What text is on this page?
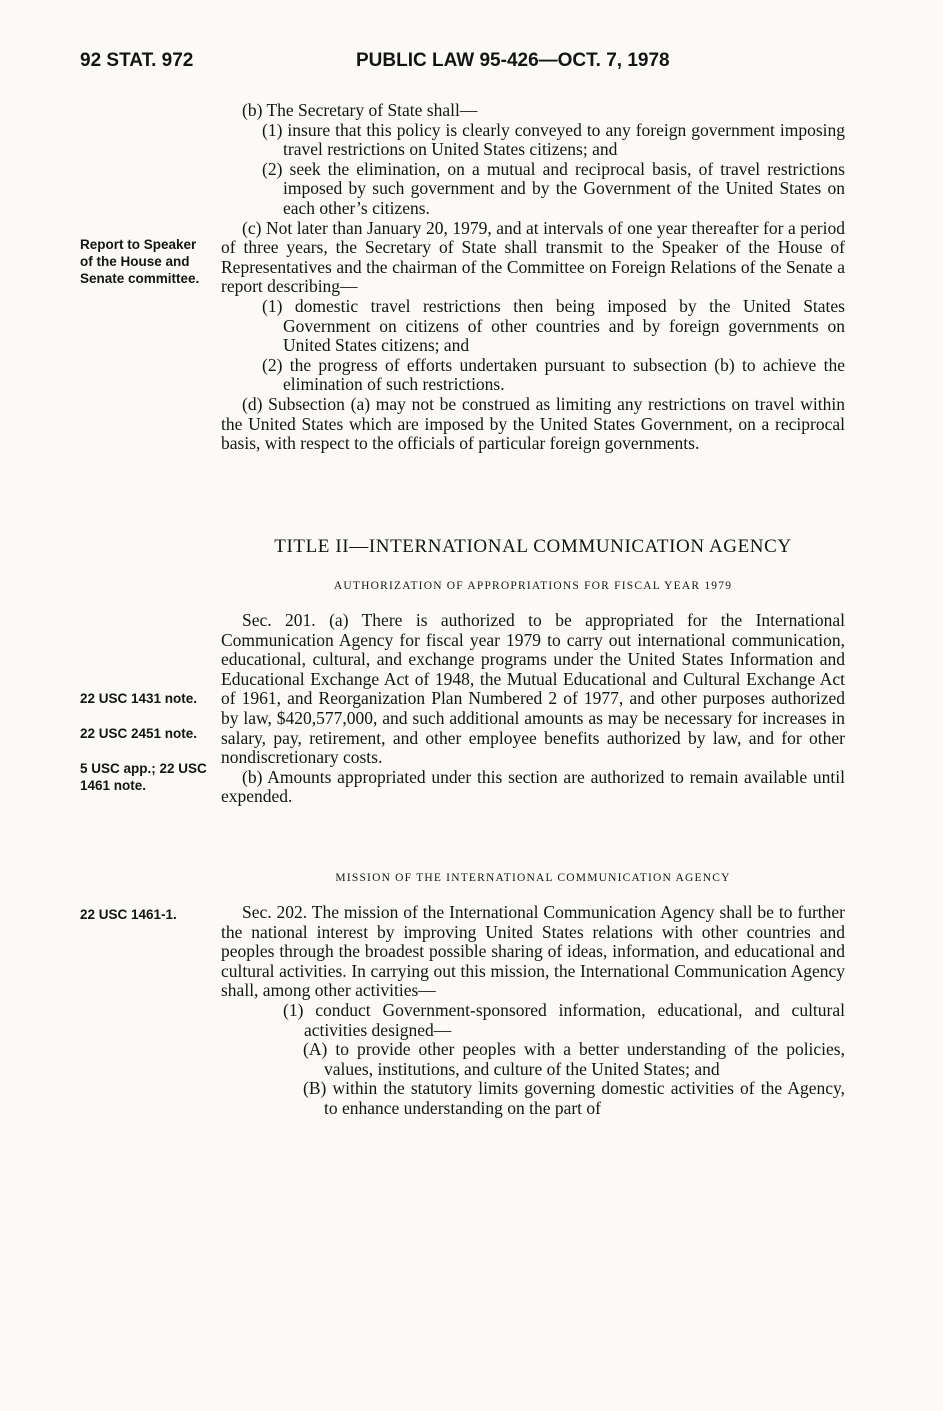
92 STAT. 972	PUBLIC LAW 95-426—OCT. 7, 1978
Report to Speaker of the House and Senate committee.
22 USC 1431 note.
22 USC 2451 note.
5 USC app.; 22 USC 1461 note.
22 USC 1461-1.

(b) The Secretary of State shall—

(1) insure that this policy is clearly conveyed to any foreign government imposing travel restrictions on United States citizens; and

(2) seek the elimination, on a mutual and reciprocal basis, of travel restrictions imposed by such government and by the Government of the United States on each other’s citizens.

(c) Not later than January 20, 1979, and at intervals of one year thereafter for a period of three years, the Secretary of State shall transmit to the Speaker of the House of Representatives and the chairman of the Committee on Foreign Relations of the Senate a report describing—

(1) domestic travel restrictions then being imposed by the United States Government on citizens of other countries and by foreign governments on United States citizens; and

(2) the progress of efforts undertaken pursuant to subsection (b) to achieve the elimination of such restrictions.

(d) Subsection (a) may not be construed as limiting any restrictions on travel within the United States which are imposed by the United States Government, on a reciprocal basis, with respect to the officials of particular foreign governments.

TITLE II—INTERNATIONAL COMMUNICATION AGENCY
AUTHORIZATION OF APPROPRIATIONS FOR FISCAL YEAR 1979

Sec. 201. (a) There is authorized to be appropriated for the International Communication Agency for fiscal year 1979 to carry out international communication, educational, cultural, and exchange programs under the United States Information and Educational Exchange Act of 1948, the Mutual Educational and Cultural Exchange Act of 1961, and Reorganization Plan Numbered 2 of 1977, and other purposes authorized by law, $420,577,000, and such additional amounts as may be necessary for increases in salary, pay, retirement, and other employee benefits authorized by law, and for other nondiscretionary costs.

(b) Amounts appropriated under this section are authorized to remain available until expended.

MISSION OF THE INTERNATIONAL COMMUNICATION AGENCY

Sec. 202. The mission of the International Communication Agency shall be to further the national interest by improving United States relations with other countries and peoples through the broadest possible sharing of ideas, information, and educational and cultural activities. In carrying out this mission, the International Communication Agency shall, among other activities—

(1) conduct Government-sponsored information, educational, and cultural activities designed—

(A) to provide other peoples with a better understanding of the policies, values, institutions, and culture of the United States; and

(B) within the statutory limits governing domestic activities of the Agency, to enhance understanding on the part of
